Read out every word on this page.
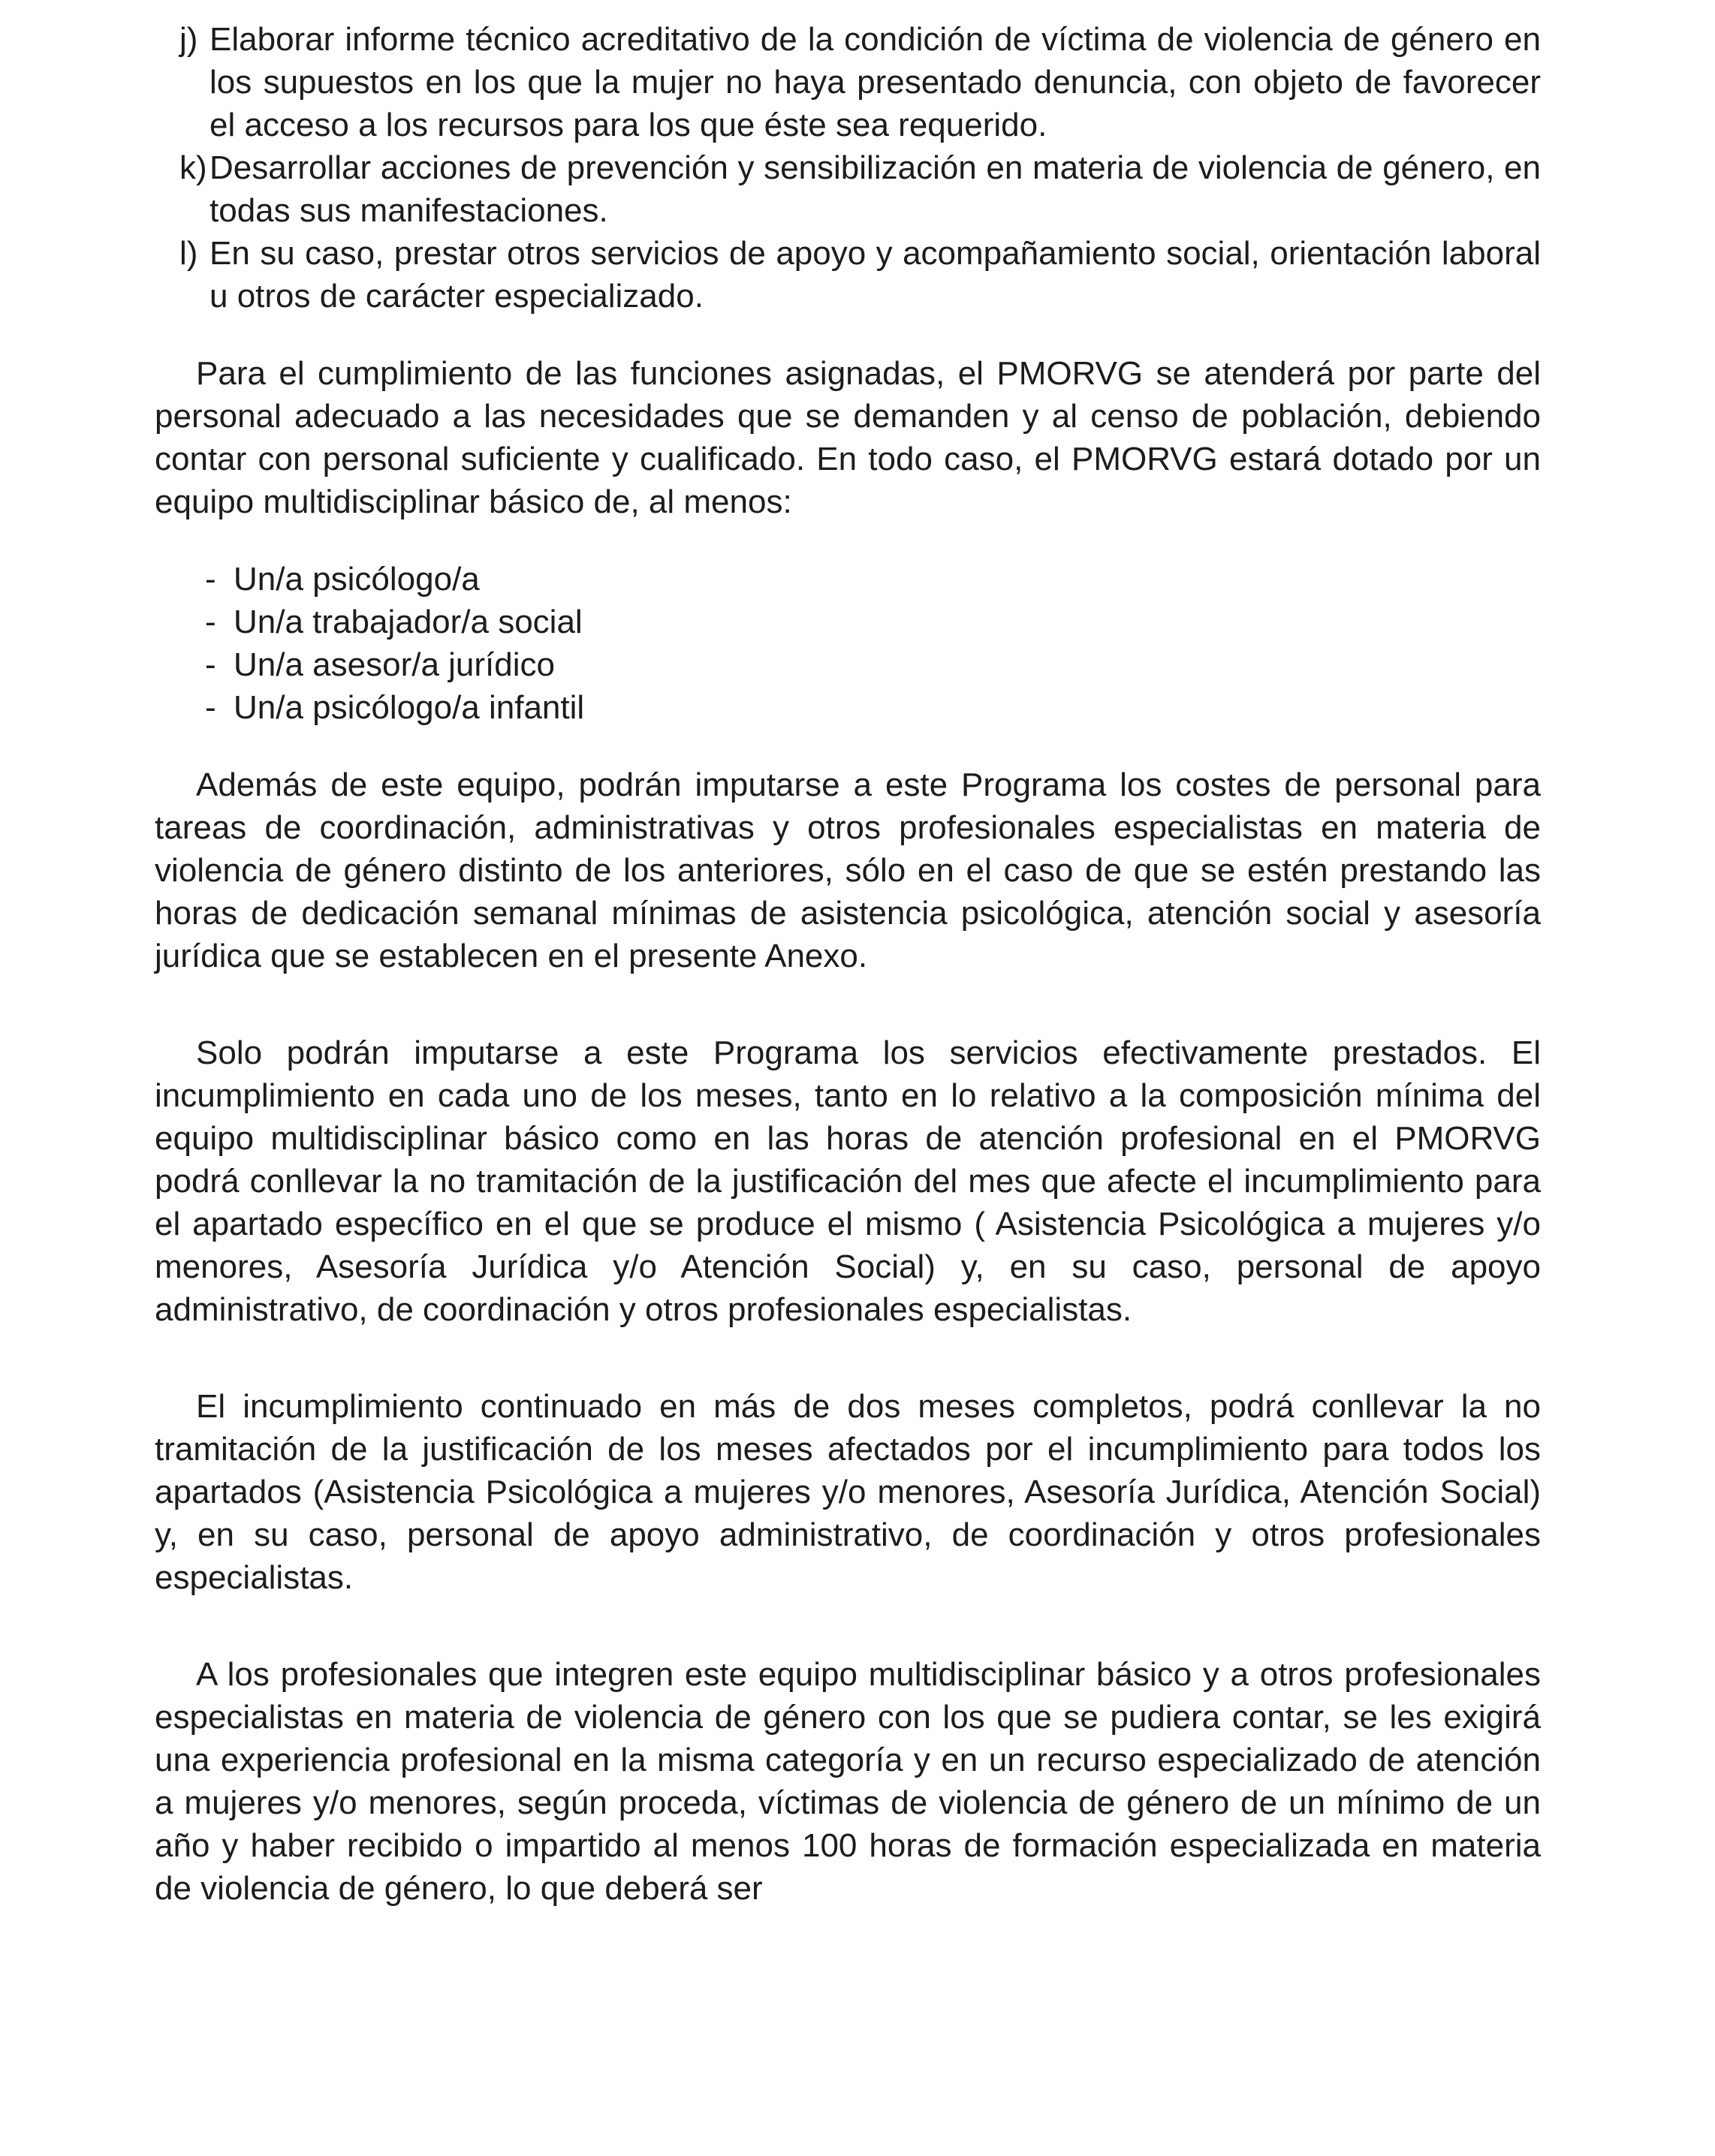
j) Elaborar informe técnico acreditativo de la condición de víctima de violencia de género en los supuestos en los que la mujer no haya presentado denuncia, con objeto de favorecer el acceso a los recursos para los que éste sea requerido.
k) Desarrollar acciones de prevención y sensibilización en materia de violencia de género, en todas sus manifestaciones.
l) En su caso, prestar otros servicios de apoyo y acompañamiento social, orientación laboral u otros de carácter especializado.

Para el cumplimiento de las funciones asignadas, el PMORVG se atenderá por parte del personal adecuado a las necesidades que se demanden y al censo de población, debiendo contar con personal suficiente y cualificado. En todo caso, el PMORVG estará dotado por un equipo multidisciplinar básico de, al menos:

- Un/a psicólogo/a
- Un/a trabajador/a social
- Un/a asesor/a jurídico
- Un/a psicólogo/a infantil

Además de este equipo, podrán imputarse a este Programa los costes de personal para tareas de coordinación, administrativas y otros profesionales especialistas en materia de violencia de género distinto de los anteriores, sólo en el caso de que se estén prestando las horas de dedicación semanal mínimas de asistencia psicológica, atención social y asesoría jurídica que se establecen en el presente Anexo.

Solo podrán imputarse a este Programa los servicios efectivamente prestados. El incumplimiento en cada uno de los meses, tanto en lo relativo a la composición mínima del equipo multidisciplinar básico como en las horas de atención profesional en el PMORVG podrá conllevar la no tramitación de la justificación del mes que afecte el incumplimiento para el apartado específico en el que se produce el mismo ( Asistencia Psicológica a mujeres y/o menores, Asesoría Jurídica y/o Atención Social) y, en su caso, personal de apoyo administrativo, de coordinación y otros profesionales especialistas.

El incumplimiento continuado en más de dos meses completos, podrá conllevar la no tramitación de la justificación de los meses afectados por el incumplimiento para todos los apartados (Asistencia Psicológica a mujeres y/o menores, Asesoría Jurídica, Atención Social) y, en su caso, personal de apoyo administrativo, de coordinación y otros profesionales especialistas.

A los profesionales que integren este equipo multidisciplinar básico y a otros profesionales especialistas en materia de violencia de género con los que se pudiera contar, se les exigirá una experiencia profesional en la misma categoría y en un recurso especializado de atención a mujeres y/o menores, según proceda, víctimas de violencia de género de un mínimo de un año y haber recibido o impartido al menos 100 horas de formación especializada en materia de violencia de género, lo que deberá ser
